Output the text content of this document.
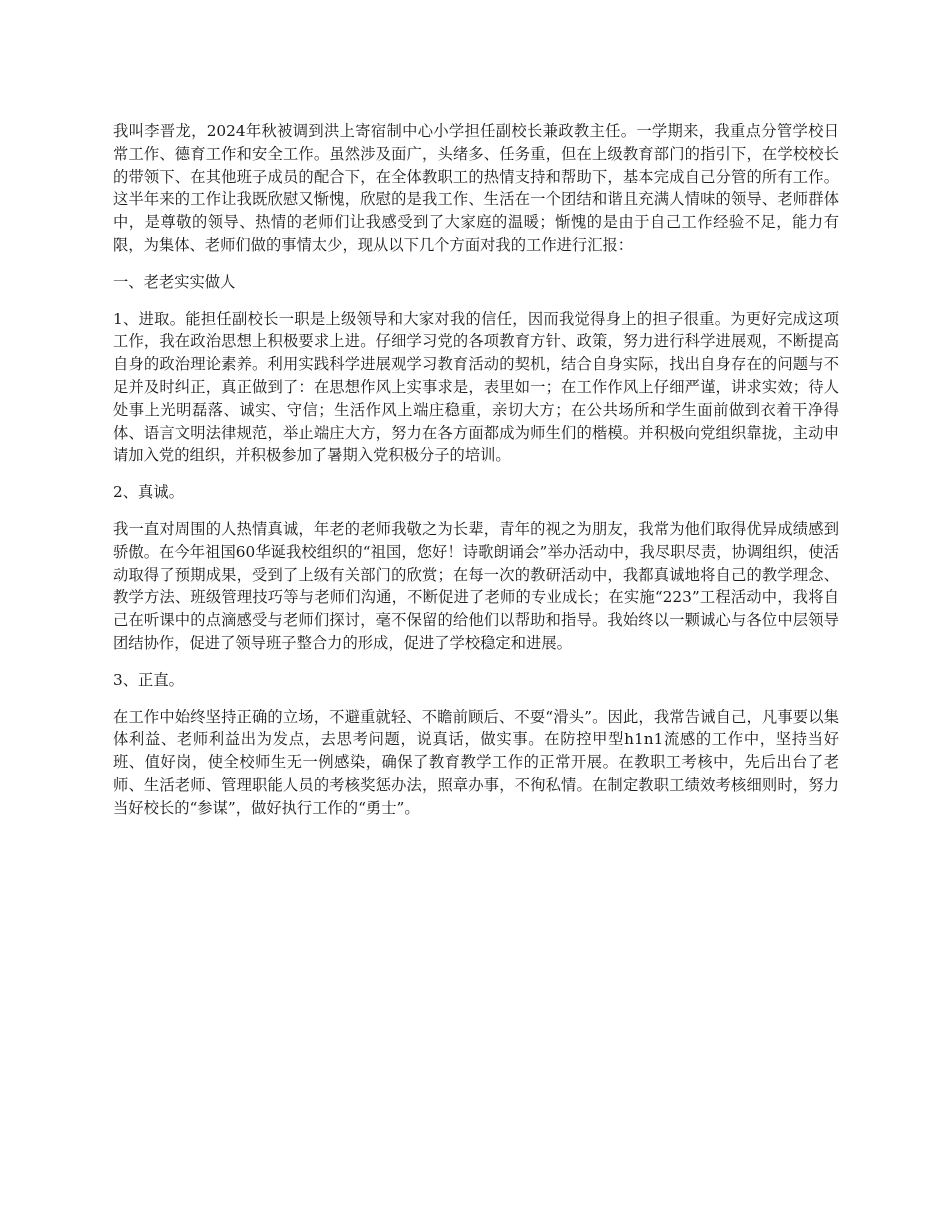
我叫李晋龙，2024年秋被调到洪上寄宿制中心小学担任副校长兼政教主任。一学期来，我重点分管学校日常工作、德育工作和安全工作。虽然涉及面广，头绪多、任务重，但在上级教育部门的指引下，在学校校长的带领下、在其他班子成员的配合下，在全体教职工的热情支持和帮助下，基本完成自己分管的所有工作。这半年来的工作让我既欣慰又惭愧，欣慰的是我工作、生活在一个团结和谐且充满人情味的领导、老师群体中，是尊敬的领导、热情的老师们让我感受到了大家庭的温暖；惭愧的是由于自己工作经验不足，能力有限，为集体、老师们做的事情太少，现从以下几个方面对我的工作进行汇报：

一、老老实实做人

1、进取。能担任副校长一职是上级领导和大家对我的信任，因而我觉得身上的担子很重。为更好完成这项工作，我在政治思想上积极要求上进。仔细学习党的各项教育方针、政策，努力进行科学进展观，不断提高自身的政治理论素养。利用实践科学进展观学习教育活动的契机，结合自身实际，找出自身存在的问题与不足并及时纠正，真正做到了：在思想作风上实事求是，表里如一；在工作作风上仔细严谨，讲求实效；待人处事上光明磊落、诚实、守信；生活作风上端庄稳重，亲切大方；在公共场所和学生面前做到衣着干净得体、语言文明法律规范，举止端庄大方，努力在各方面都成为师生们的楷模。并积极向党组织靠拢，主动申请加入党的组织，并积极参加了暑期入党积极分子的培训。

2、真诚。

我一直对周围的人热情真诚，年老的老师我敬之为长辈，青年的视之为朋友，我常为他们取得优异成绩感到骄傲。在今年祖国60华诞我校组织的“祖国，您好！诗歌朗诵会”举办活动中，我尽职尽责，协调组织，使活动取得了预期成果，受到了上级有关部门的欣赏；在每一次的教研活动中，我都真诚地将自己的教学理念、教学方法、班级管理技巧等与老师们沟通，不断促进了老师的专业成长；在实施“223”工程活动中，我将自己在听课中的点滴感受与老师们探讨，毫不保留的给他们以帮助和指导。我始终以一颗诚心与各位中层领导团结协作，促进了领导班子整合力的形成，促进了学校稳定和进展。

3、正直。

在工作中始终坚持正确的立场，不避重就轻、不瞻前顾后、不耍“滑头”。因此，我常告诫自己，凡事要以集体利益、老师利益出为发点，去思考问题，说真话，做实事。在防控甲型h1n1流感的工作中，坚持当好班、值好岗，使全校师生无一例感染，确保了教育教学工作的正常开展。在教职工考核中，先后出台了老师、生活老师、管理职能人员的考核奖惩办法，照章办事，不徇私情。在制定教职工绩效考核细则时，努力当好校长的“参谋”，做好执行工作的“勇士”。
